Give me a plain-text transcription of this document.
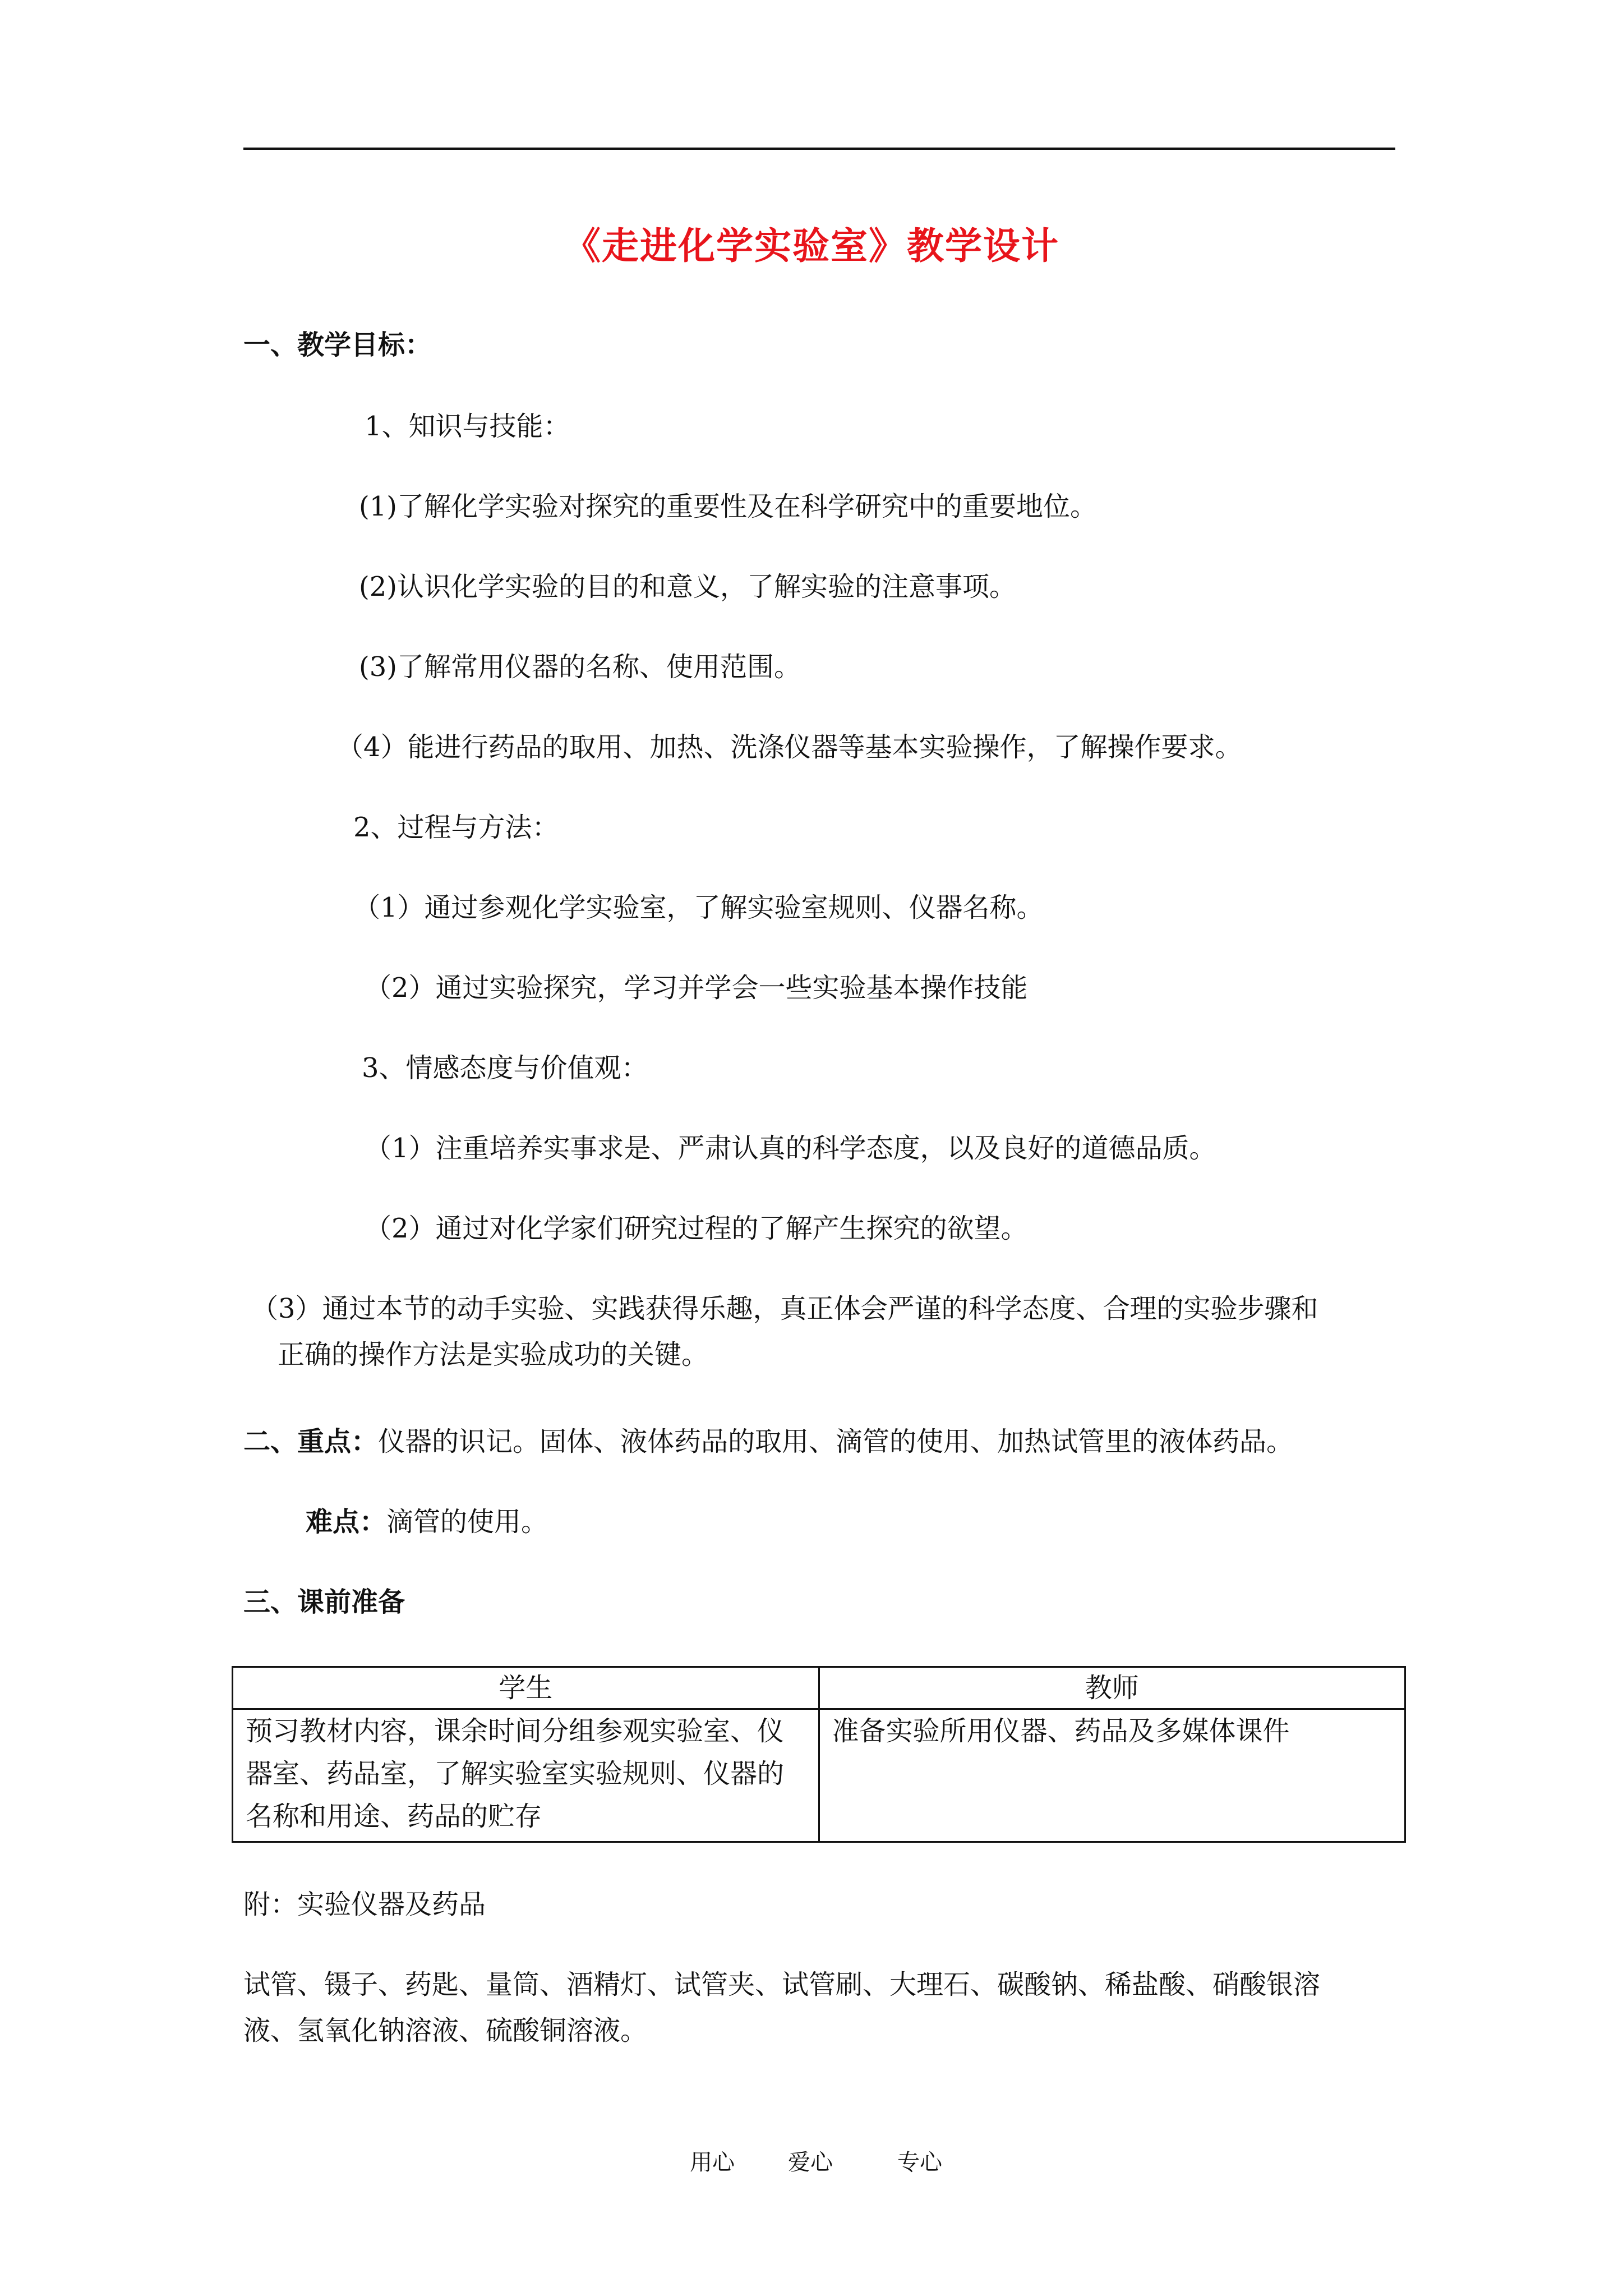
《走进化学实验室》教学设计
一、教学目标：
1、知识与技能：
(1)了解化学实验对探究的重要性及在科学研究中的重要地位。
(2)认识化学实验的目的和意义，了解实验的注意事项。
(3)了解常用仪器的名称、使用范围。
（4）能进行药品的取用、加热、洗涤仪器等基本实验操作，了解操作要求。
2、过程与方法：
（1）通过参观化学实验室，了解实验室规则、仪器名称。
（2）通过实验探究，学习并学会一些实验基本操作技能
3、情感态度与价值观：
（1）注重培养实事求是、严肃认真的科学态度，以及良好的道德品质。
（2）通过对化学家们研究过程的了解产生探究的欲望。
（3）通过本节的动手实验、实践获得乐趣，真正体会严谨的科学态度、合理的实验步骤和
正确的操作方法是实验成功的关键。
二、重点：仪器的识记。固体、液体药品的取用、滴管的使用、加热试管里的液体药品。
难点：滴管的使用。
三、课前准备
学生	教师
预习教材内容，课余时间分组参观实验室、仪器室、药品室，了解实验室实验规则、仪器的名称和用途、药品的贮存	准备实验所用仪器、药品及多媒体课件
附：实验仪器及药品
试管、镊子、药匙、量筒、酒精灯、试管夹、试管刷、大理石、碳酸钠、稀盐酸、硝酸银溶
液、氢氧化钠溶液、硫酸铜溶液。
用心 爱心	专心
